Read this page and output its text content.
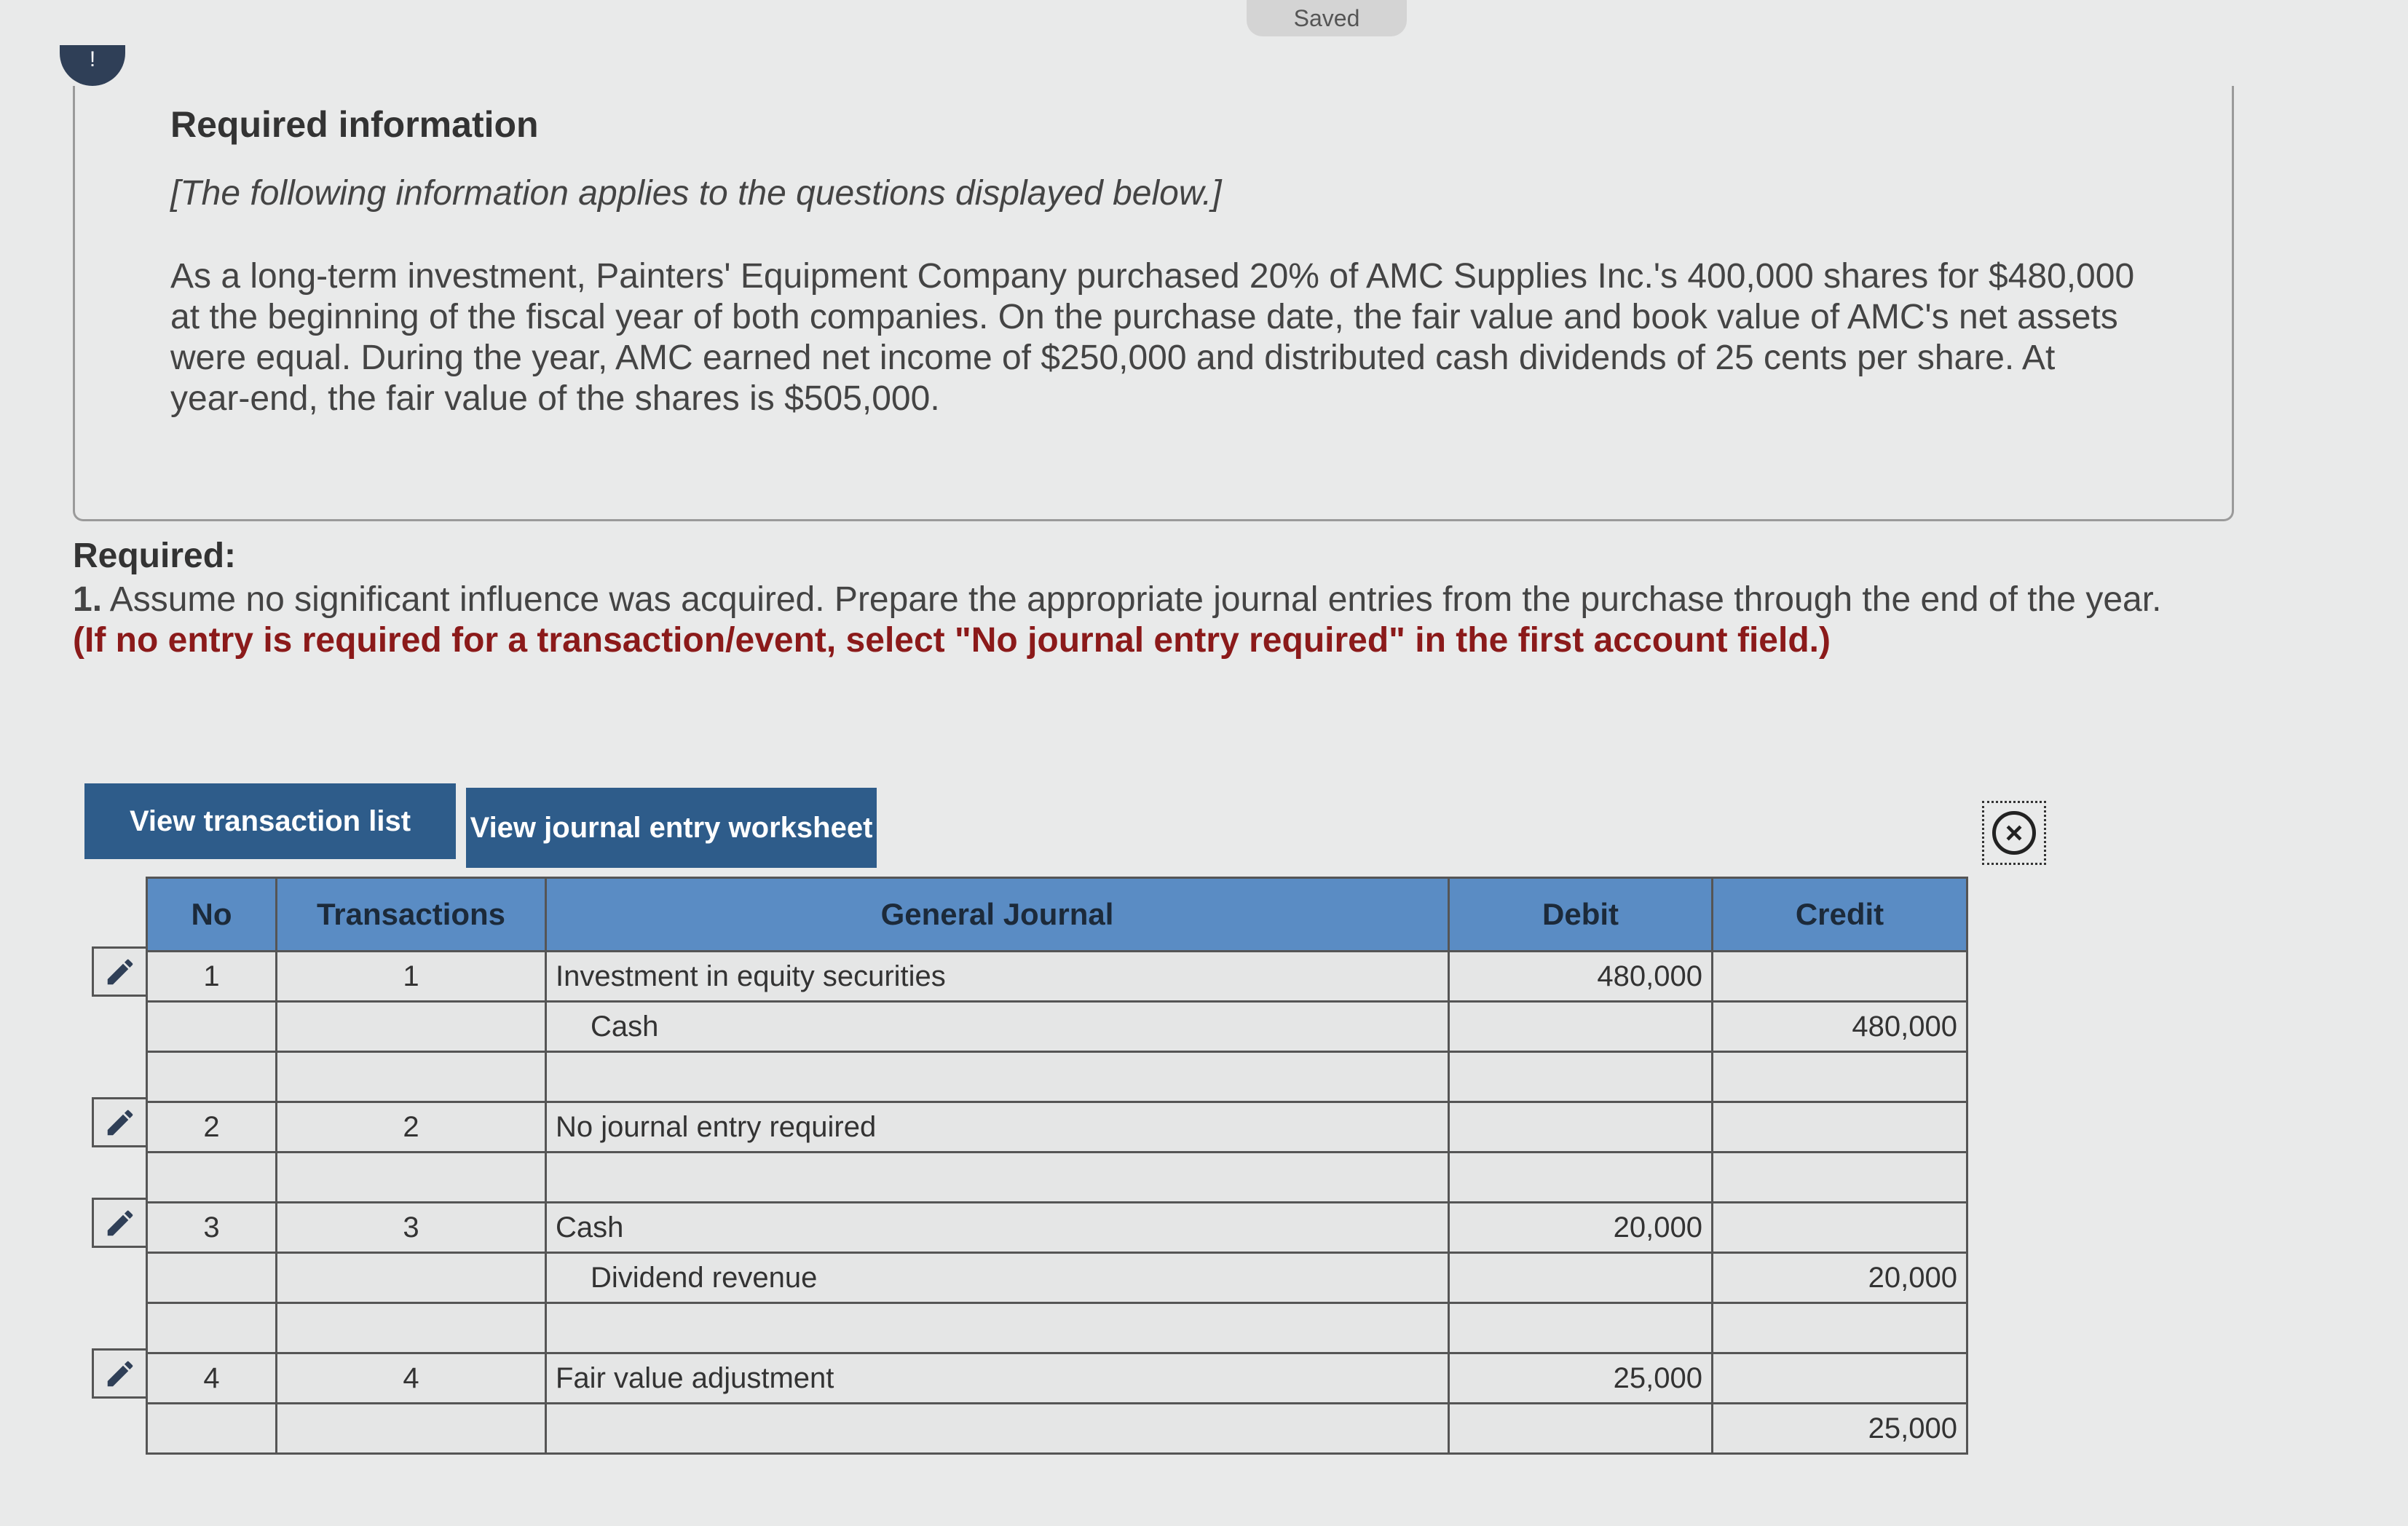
Saved
!
Required information
[The following information applies to the questions displayed below.]
As a long-term investment, Painters' Equipment Company purchased 20% of AMC Supplies Inc.'s 400,000 shares for $480,000 at the beginning of the fiscal year of both companies. On the purchase date, the fair value and book value of AMC's net assets were equal. During the year, AMC earned net income of $250,000 and distributed cash dividends of 25 cents per share. At year-end, the fair value of the shares is $505,000.
Required:
1. Assume no significant influence was acquired. Prepare the appropriate journal entries from the purchase through the end of the year. (If no entry is required for a transaction/event, select "No journal entry required" in the first account field.)
View transaction list	View journal entry worksheet	×
No	Transactions	General Journal	Debit	Credit
1	1	Investment in equity securities	480,000	
		Cash		480,000

2	2	No journal entry required		

3	3	Cash	20,000	
		Dividend revenue		20,000

4	4	Fair value adjustment	25,000	
				25,000
